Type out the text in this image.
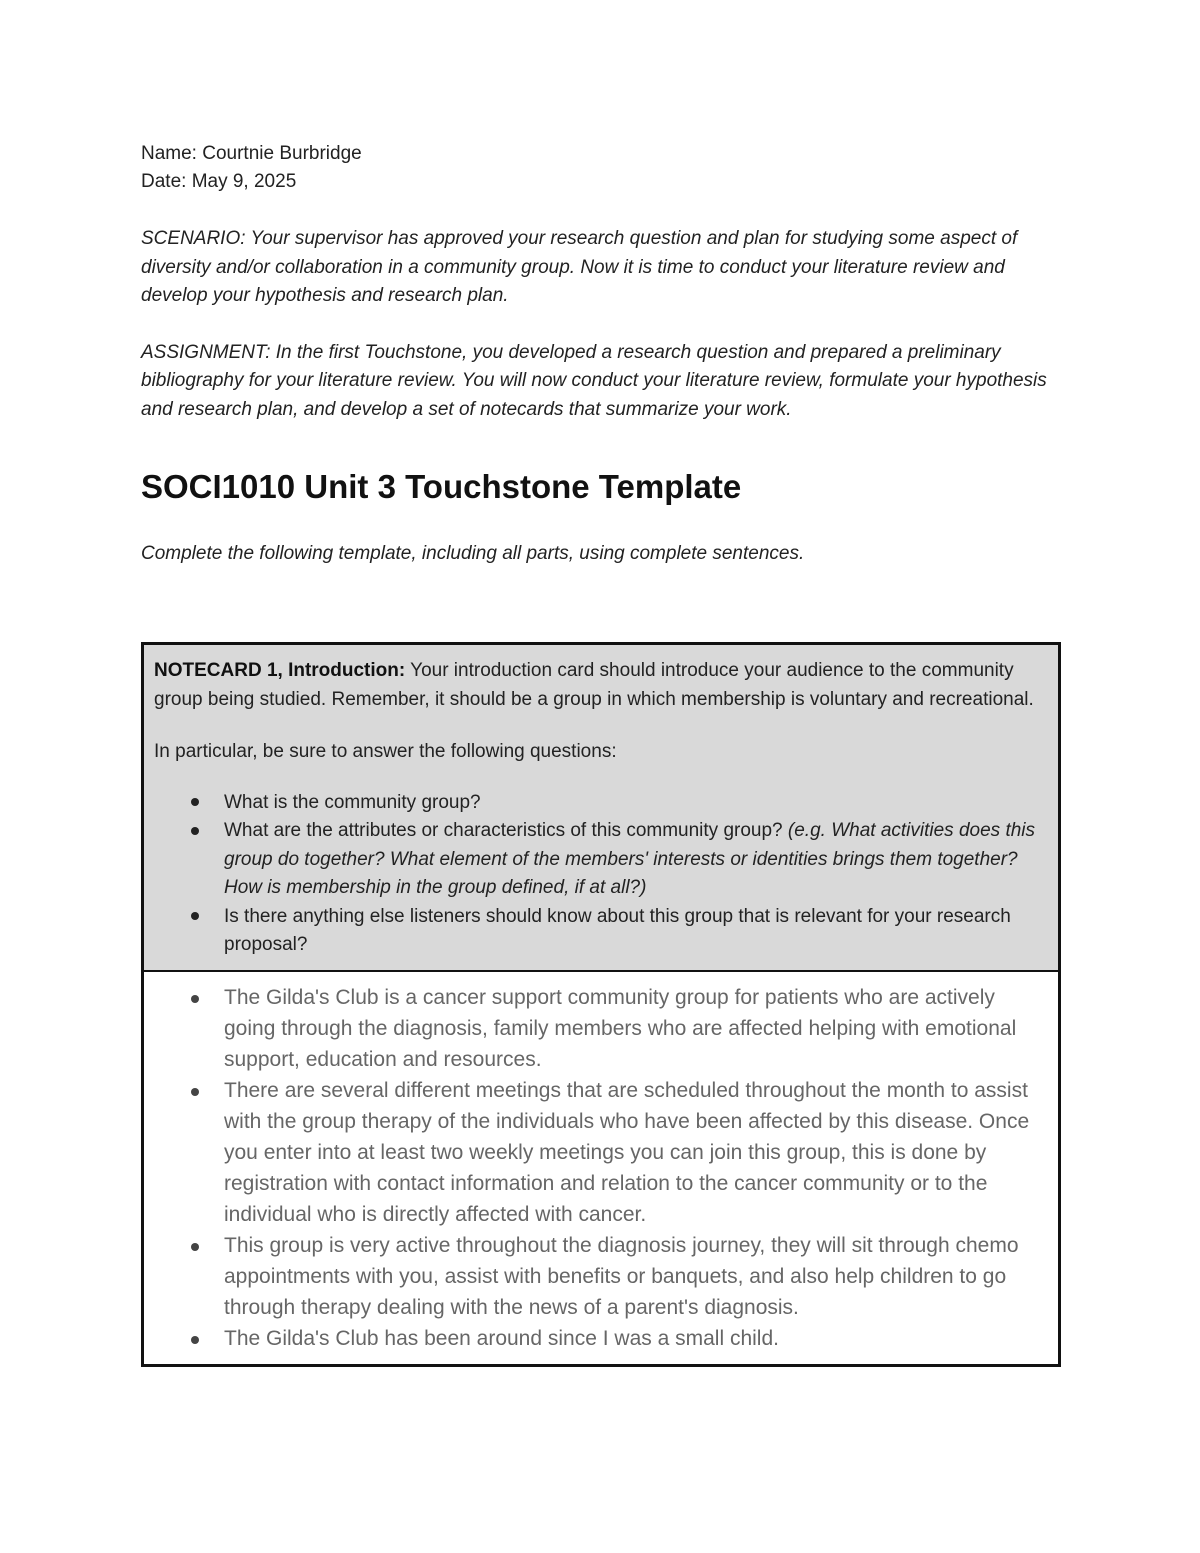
Name: Courtnie Burbridge

Date: May 9, 2025

SCENARIO: Your supervisor has approved your research question and plan for studying some aspect of diversity and/or collaboration in a community group. Now it is time to conduct your literature review and develop your hypothesis and research plan.

ASSIGNMENT: In the first Touchstone, you developed a research question and prepared a preliminary bibliography for your literature review. You will now conduct your literature review, formulate your hypothesis and research plan, and develop a set of notecards that summarize your work.

SOCI1010 Unit 3 Touchstone Template

Complete the following template, including all parts, using complete sentences.

NOTECARD 1, Introduction: Your introduction card should introduce your audience to the community group being studied. Remember, it should be a group in which membership is voluntary and recreational.

In particular, be sure to answer the following questions:

What is the community group?
What are the attributes or characteristics of this community group? (e.g. What activities does this group do together? What element of the members' interests or identities brings them together? How is membership in the group defined, if at all?)
Is there anything else listeners should know about this group that is relevant for your research proposal?

The Gilda's Club is a cancer support community group for patients who are actively going through the diagnosis, family members who are affected helping with emotional support, education and resources.
There are several different meetings that are scheduled throughout the month to assist with the group therapy of the individuals who have been affected by this disease. Once you enter into at least two weekly meetings you can join this group, this is done by registration with contact information and relation to the cancer community or to the individual who is directly affected with cancer.
This group is very active throughout the diagnosis journey, they will sit through chemo appointments with you, assist with benefits or banquets, and also help children to go through therapy dealing with the news of a parent's diagnosis.
The Gilda's Club has been around since I was a small child.
